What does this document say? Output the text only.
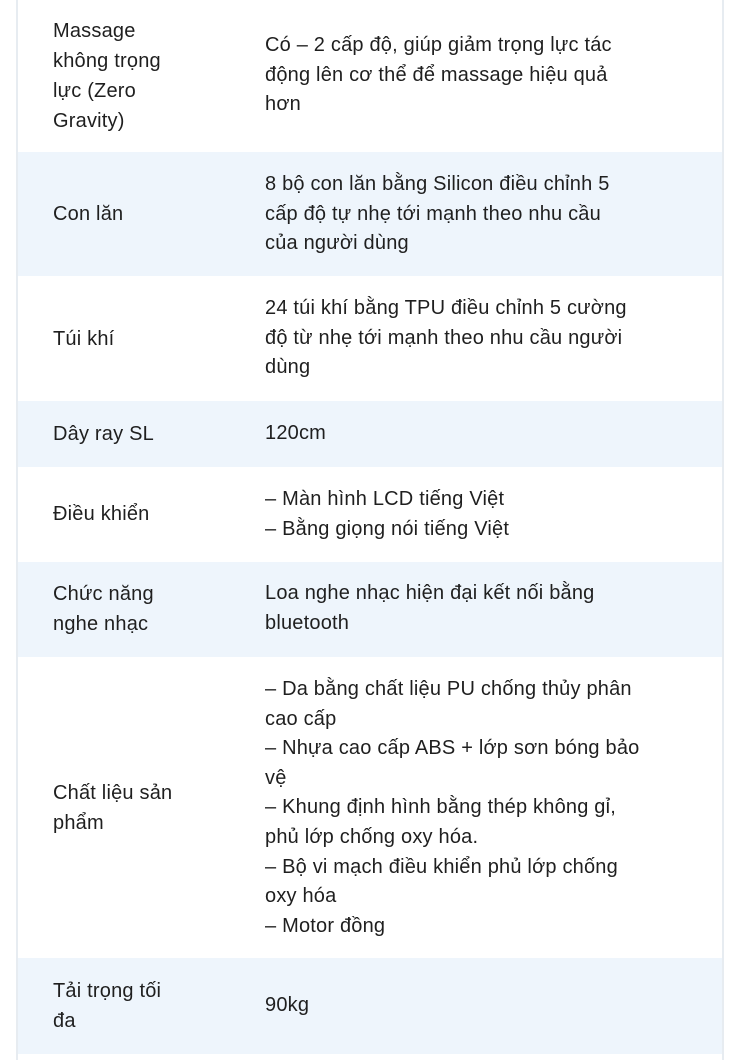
Massage
không trọng
lực (Zero
Gravity)
Có – 2 cấp độ, giúp giảm trọng lực tác
động lên cơ thể để massage hiệu quả
hơn
Con lăn
8 bộ con lăn bằng Silicon điều chỉnh 5
cấp độ tự nhẹ tới mạnh theo nhu cầu
của người dùng
Túi khí
24 túi khí bằng TPU điều chỉnh 5 cường
độ từ nhẹ tới mạnh theo nhu cầu người
dùng
Dây ray SL	120cm
Điều khiển
– Màn hình LCD tiếng Việt
– Bằng giọng nói tiếng Việt
Chức năng
nghe nhạc
Loa nghe nhạc hiện đại kết nối bằng
bluetooth
Chất liệu sản
phẩm
– Da bằng chất liệu PU chống thủy phân
cao cấp
– Nhựa cao cấp ABS + lớp sơn bóng bảo
vệ
– Khung định hình bằng thép không gỉ,
phủ lớp chống oxy hóa.
– Bộ vi mạch điều khiển phủ lớp chống
oxy hóa
– Motor đồng
Tải trọng tối
đa
90kg
